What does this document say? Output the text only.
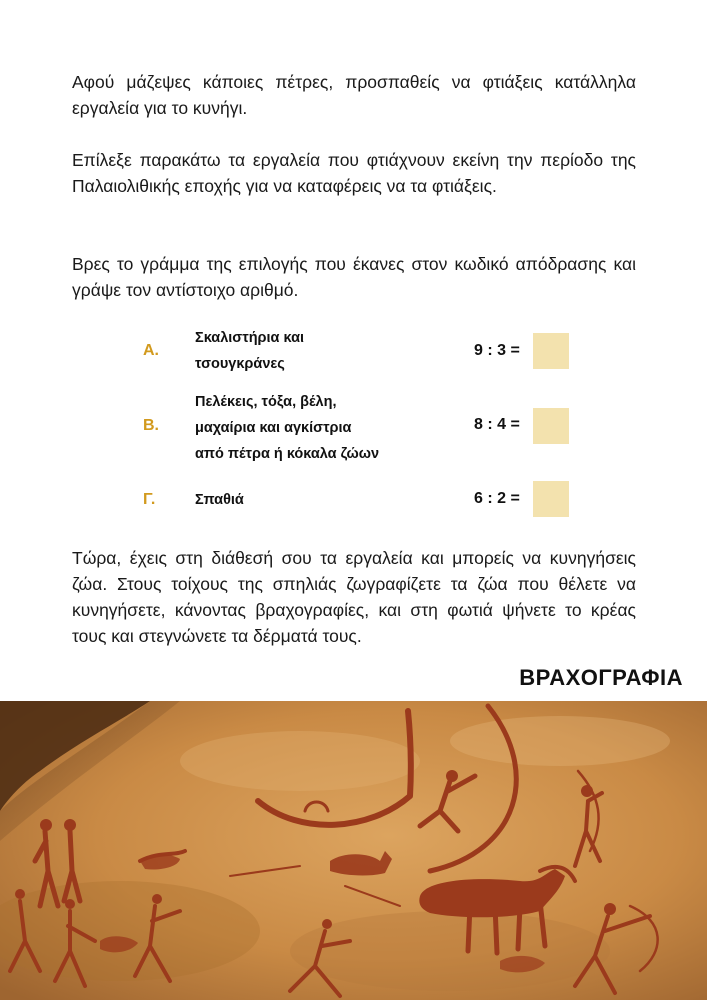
Αφού μάζεψες κάποιες πέτρες, προσπαθείς να φτιάξεις κατάλληλα εργαλεία για το κυνήγι.

Επίλεξε παρακάτω τα εργαλεία που φτιάχνουν εκείνη την περίοδο της Παλαιολιθικής εποχής για να καταφέρεις να τα φτιάξεις.

Βρες το γράμμα της επιλογής που έκανες στον κωδικό απόδρασης και γράψε τον αντίστοιχο αριθμό.

Α.
Σκαλιστήρια και
τσουγκράνες
9 : 3 =
Β.
Πελέκεις, τόξα, βέλη,
μαχαίρια και αγκίστρια
από πέτρα ή κόκαλα ζώων
8 : 4 =
Γ.	Σπαθιά	6 : 2 =

Τώρα, έχεις στη διάθεσή σου τα εργαλεία και μπορείς να κυνηγήσεις ζώα. Στους τοίχους της σπηλιάς ζωγραφίζετε τα ζώα που θέλετε να κυνηγήσετε, κάνοντας βραχογραφίες, και στη φωτιά ψήνετε το κρέας τους και στεγνώνετε τα δέρματά τους.

ΒΡΑΧΟΓΡΑΦΙΑ
